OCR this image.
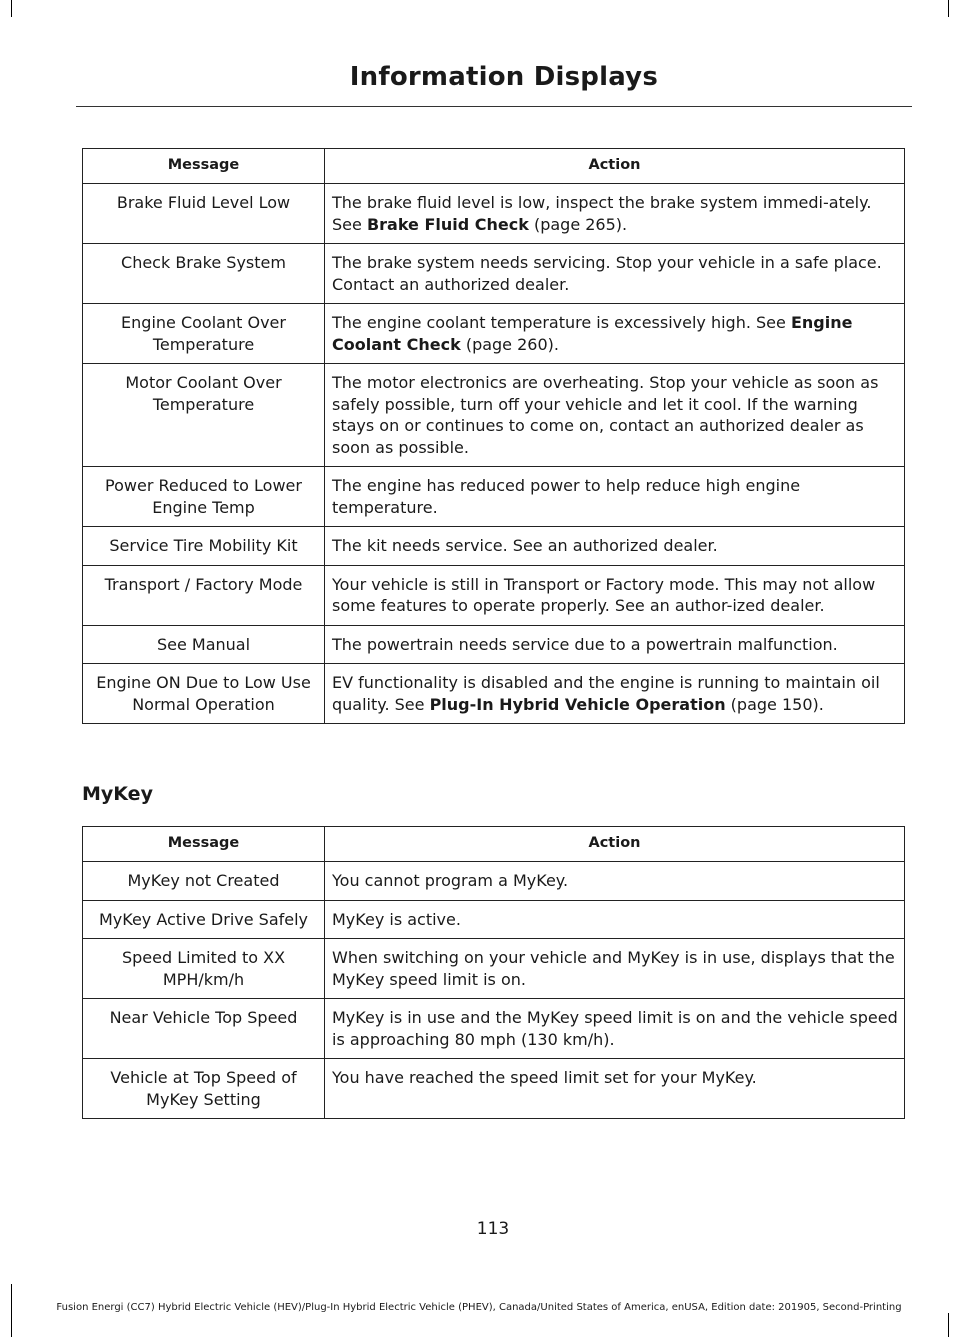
Information Displays
Message	Action
Brake Fluid Level Low	The brake fluid level is low, inspect the brake system immedi-ately. See Brake Fluid Check (page 265).
Check Brake System	The brake system needs servicing. Stop your vehicle in a safe place. Contact an authorized dealer.
Engine Coolant Over Temperature	The engine coolant temperature is excessively high. See Engine Coolant Check (page 260).
Motor Coolant Over Temperature	The motor electronics are overheating. Stop your vehicle as soon as safely possible, turn off your vehicle and let it cool. If the warning stays on or continues to come on, contact an authorized dealer as soon as possible.
Power Reduced to Lower Engine Temp	The engine has reduced power to help reduce high engine temperature.
Service Tire Mobility Kit	The kit needs service. See an authorized dealer.
Transport / Factory Mode	Your vehicle is still in Transport or Factory mode. This may not allow some features to operate properly. See an author-ized dealer.
See Manual	The powertrain needs service due to a powertrain malfunction.
Engine ON Due to Low Use Normal Operation	EV functionality is disabled and the engine is running to maintain oil quality. See Plug-In Hybrid Vehicle Operation (page 150).
MyKey
Message	Action
MyKey not Created	You cannot program a MyKey.
MyKey Active Drive Safely	MyKey is active.
Speed Limited to XX MPH/km/h	When switching on your vehicle and MyKey is in use, displays that the MyKey speed limit is on.
Near Vehicle Top Speed	MyKey is in use and the MyKey speed limit is on and the vehicle speed is approaching 80 mph (130 km/h).
Vehicle at Top Speed of MyKey Setting	You have reached the speed limit set for your MyKey.
113
Fusion Energi (CC7) Hybrid Electric Vehicle (HEV)/Plug-In Hybrid Electric Vehicle (PHEV), Canada/United States of America, enUSA, Edition date: 201905, Second-Printing
